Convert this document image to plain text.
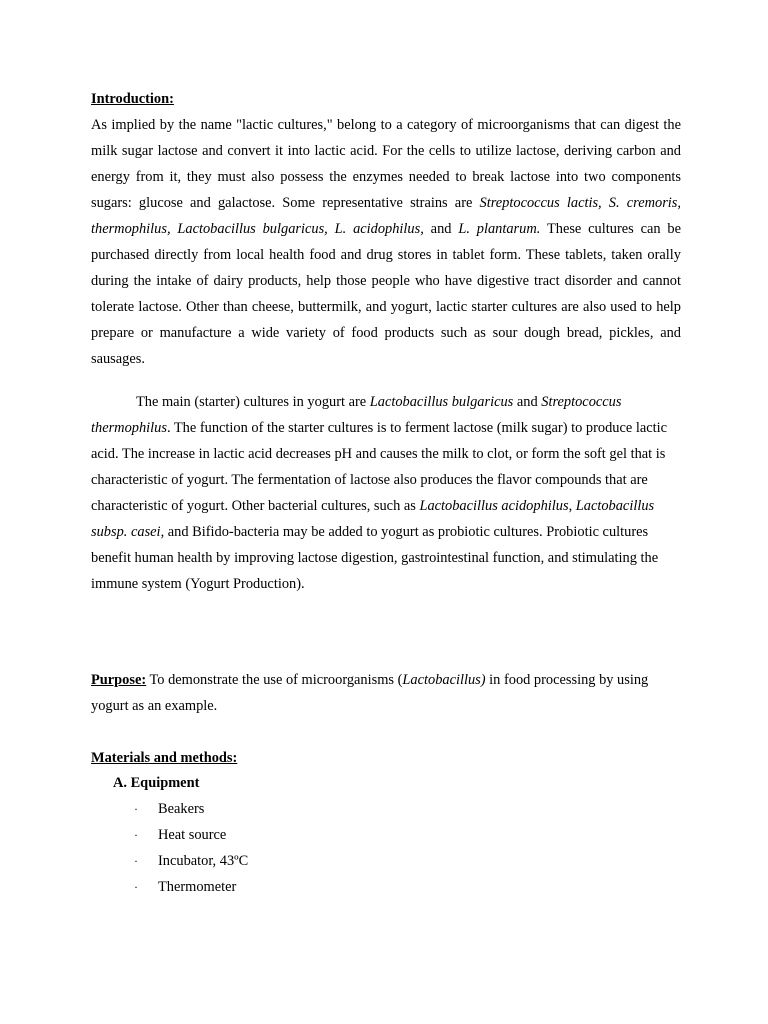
Introduction:

As implied by the name "lactic cultures," belong to a category of microorganisms that can digest the milk sugar lactose and convert it into lactic acid. For the cells to utilize lactose, deriving carbon and energy from it, they must also possess the enzymes needed to break lactose into two components sugars: glucose and galactose. Some representative strains are Streptococcus lactis, S. cremoris, thermophilus, Lactobacillus bulgaricus, L. acidophilus, and L. plantarum. These cultures can be purchased directly from local health food and drug stores in tablet form. These tablets, taken orally during the intake of dairy products, help those people who have digestive tract disorder and cannot tolerate lactose. Other than cheese, buttermilk, and yogurt, lactic starter cultures are also used to help prepare or manufacture a wide variety of food products such as sour dough bread, pickles, and sausages.

The main (starter) cultures in yogurt are Lactobacillus bulgaricus and Streptococcus thermophilus. The function of the starter cultures is to ferment lactose (milk sugar) to produce lactic acid. The increase in lactic acid decreases pH and causes the milk to clot, or form the soft gel that is characteristic of yogurt. The fermentation of lactose also produces the flavor compounds that are characteristic of yogurt. Other bacterial cultures, such as Lactobacillus acidophilus, Lactobacillus subsp. casei, and Bifido-bacteria may be added to yogurt as probiotic cultures. Probiotic cultures benefit human health by improving lactose digestion, gastrointestinal function, and stimulating the immune system (Yogurt Production).

Purpose: To demonstrate the use of microorganisms (Lactobacillus) in food processing by using yogurt as an example.

Materials and methods:
A. Equipment
· Beakers
· Heat source
· Incubator, 43ºC
· Thermometer
